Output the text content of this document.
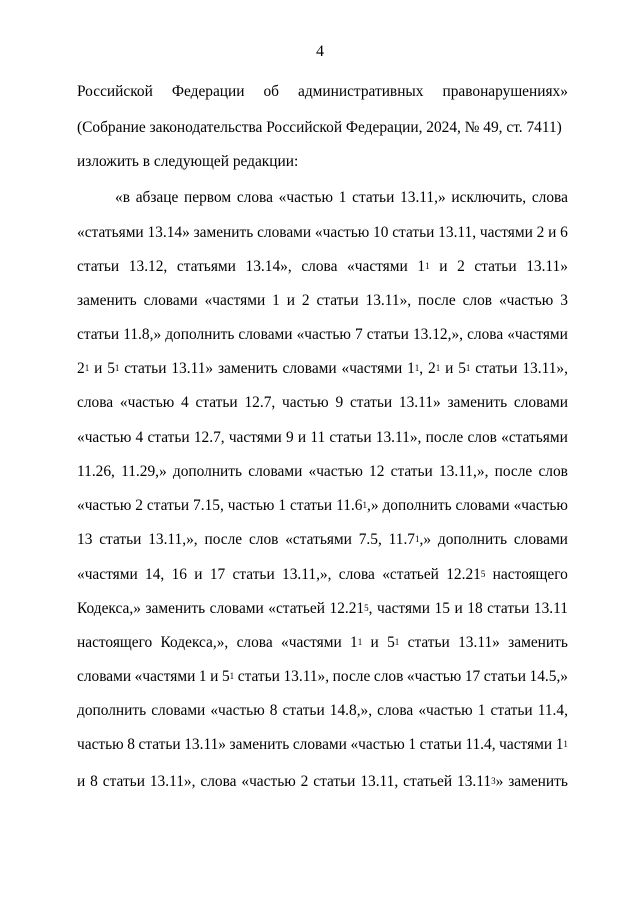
4
Российской Федерации об административных правонарушениях»
(Собрание законодательства Российской Федерации, 2024, № 49, ст. 7411)
изложить в следующей редакции:
«в абзаце первом слова «частью 1 статьи 13.11,» исключить, слова
«статьями 13.14» заменить словами «частью 10 статьи 13.11, частями 2 и 6
статьи 13.12, статьями 13.14», слова «частями $1^1$ и 2 статьи 13.11»
заменить словами «частями 1 и 2 статьи 13.11», после слов «частью 3
статьи 11.8,» дополнить словами «частью 7 статьи 13.12,», слова «частями
$2^1$ и $5^1$ статьи 13.11» заменить словами «частями $1^1$, $2^1$ и $5^1$ статьи 13.11»,
слова «частью 4 статьи 12.7, частью 9 статьи 13.11» заменить словами
«частью 4 статьи 12.7, частями 9 и 11 статьи 13.11», после слов «статьями
11.26, 11.29,» дополнить словами «частью 12 статьи 13.11,», после слов
«частью 2 статьи 7.15, частью 1 статьи 11.6$^1$,» дополнить словами «частью
13 статьи 13.11,», после слов «статьями 7.5, 11.7$^1$,» дополнить словами
«частями 14, 16 и 17 статьи 13.11,», слова «статьей 12.21$^5$ настоящего
Кодекса,» заменить словами «статьей 12.21$^5$, частями 15 и 18 статьи 13.11
настоящего Кодекса,», слова «частями $1^1$ и $5^1$ статьи 13.11» заменить
словами «частями 1 и $5^1$ статьи 13.11», после слов «частью 17 статьи 14.5,»
дополнить словами «частью 8 статьи 14.8,», слова «частью 1 статьи 11.4,
частью 8 статьи 13.11» заменить словами «частью 1 статьи 11.4, частями $1^1$
и 8 статьи 13.11», слова «частью 2 статьи 13.11, статьей 13.11$^3$» заменить
